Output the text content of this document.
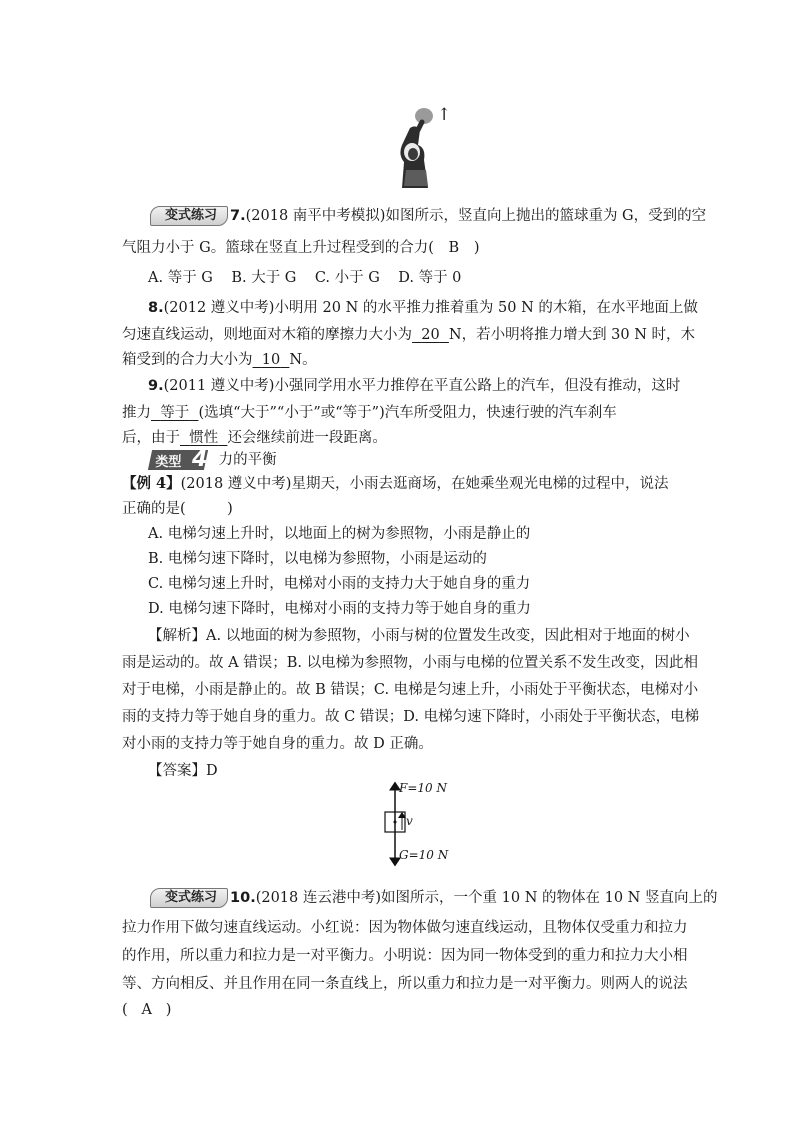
↑
变式练习 7.(2018 南平中考模拟)如图所示，竖直向上抛出的篮球重为 G，受到的空
气阻力小于 G。篮球在竖直上升过程受到的合力( B )
A. 等于 G    B. 大于 G    C. 小于 G    D. 等于 0
8.(2012 遵义中考)小明用 20 N 的水平推力推着重为 50 N 的木箱，在水平地面上做
匀速直线运动，则地面对木箱的摩擦力大小为 20 N，若小明将推力增大到 30 N 时，木
箱受到的合力大小为 10 N。
9.(2011 遵义中考)小强同学用水平力推停在平直公路上的汽车，但没有推动，这时
推力 等于 (选填“大于”“小于”或“等于”)汽车所受阻力，快速行驶的汽车刹车
后，由于 惯性 还会继续前进一段距离。
类型 4 力的平衡
【例 4】(2018 遵义中考)星期天，小雨去逛商场，在她乘坐观光电梯的过程中，说法
正确的是(         )
A. 电梯匀速上升时，以地面上的树为参照物，小雨是静止的
B. 电梯匀速下降时，以电梯为参照物，小雨是运动的
C. 电梯匀速上升时，电梯对小雨的支持力大于她自身的重力
D. 电梯匀速下降时，电梯对小雨的支持力等于她自身的重力
【解析】A. 以地面的树为参照物，小雨与树的位置发生改变，因此相对于地面的树小
雨是运动的。故 A 错误；B. 以电梯为参照物，小雨与电梯的位置关系不发生改变，因此相
对于电梯，小雨是静止的。故 B 错误；C. 电梯是匀速上升，小雨处于平衡状态，电梯对小
雨的支持力等于她自身的重力。故 C 错误；D. 电梯匀速下降时，小雨处于平衡状态，电梯
对小雨的支持力等于她自身的重力。故 D 正确。
【答案】D
F=10 N
v
G=10 N
变式练习 10.(2018 连云港中考)如图所示，一个重 10 N 的物体在 10 N 竖直向上的
拉力作用下做匀速直线运动。小红说：因为物体做匀速直线运动，且物体仅受重力和拉力
的作用，所以重力和拉力是一对平衡力。小明说：因为同一物体受到的重力和拉力大小相
等、方向相反、并且作用在同一条直线上，所以重力和拉力是一对平衡力。则两人的说法
(   A   )
